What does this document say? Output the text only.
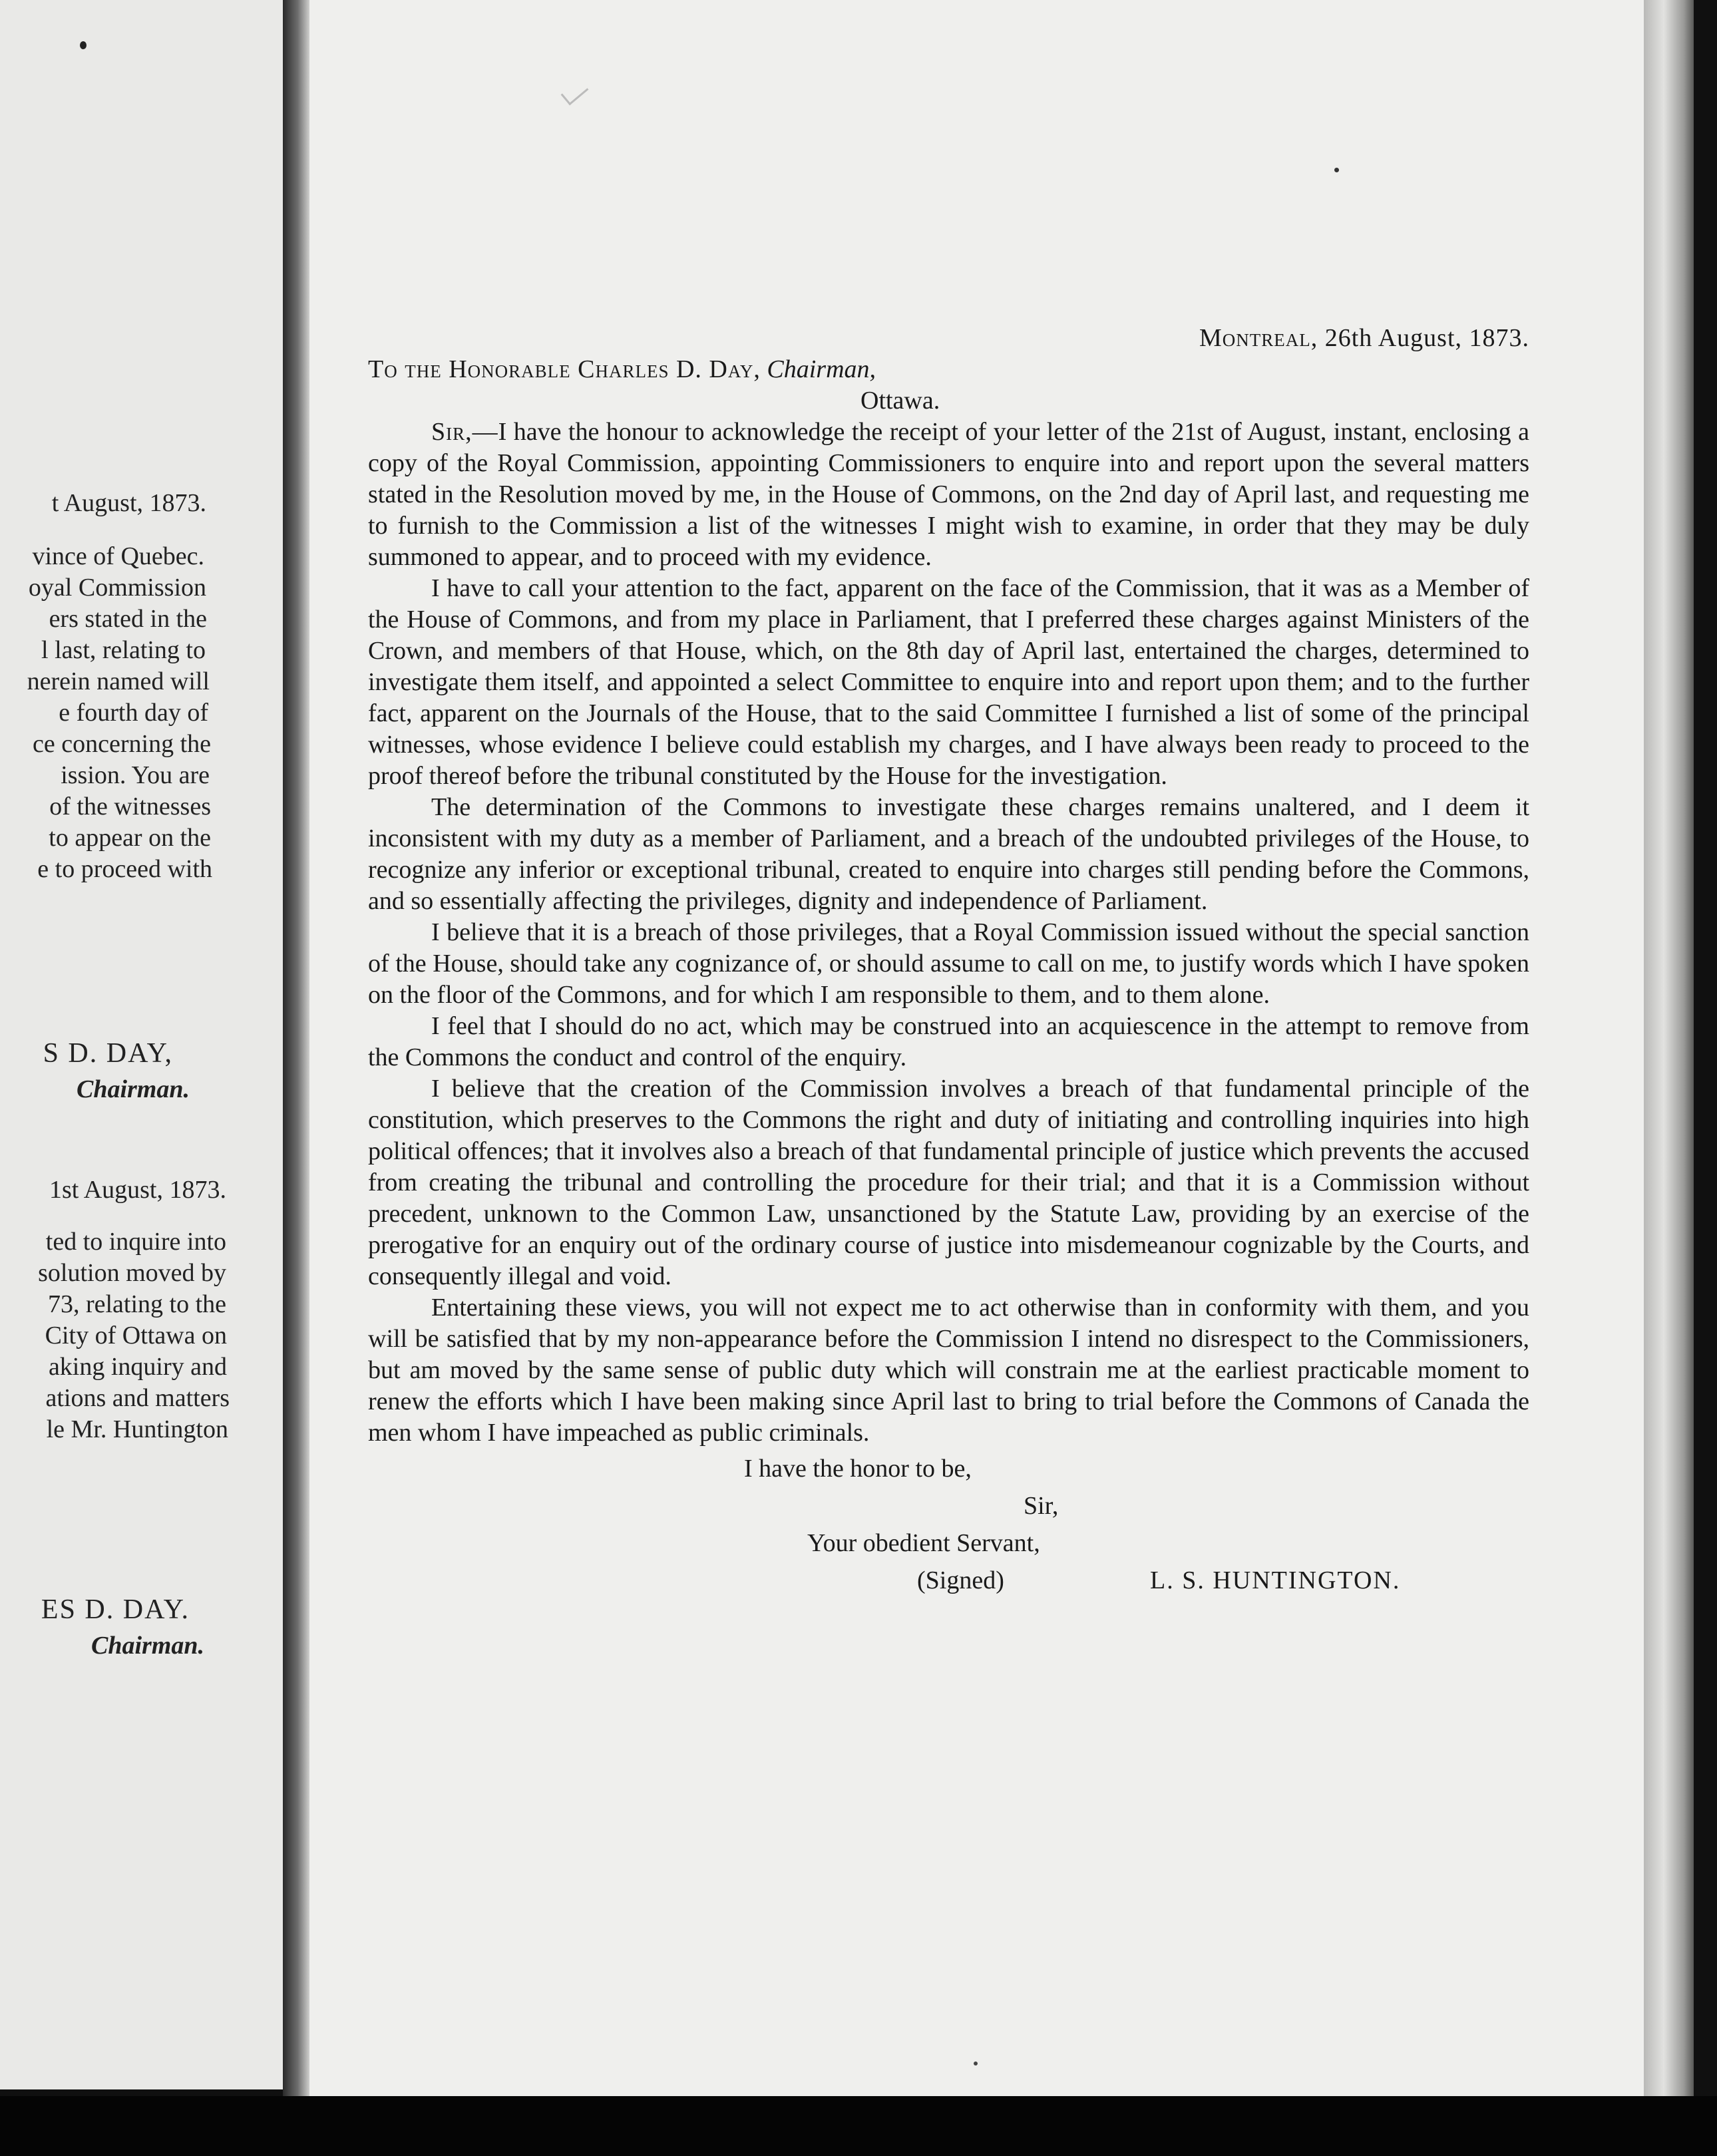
t August, 1873.
vince of Quebec.
oyal Commission
ers stated in the
l last, relating to
nerein named will
e fourth day of
ce concerning the
ission. You are
of the witnesses
to appear on the
e to proceed with
S D. DAY,
Chairman.
1st August, 1873.
ted to inquire into
solution moved by
73, relating to the
City of Ottawa on
aking inquiry and
ations and matters
le Mr. Huntington
ES D. DAY.
Chairman.
Montreal, 26th August, 1873.
To the Honorable Charles D. Day, Chairman,
Ottawa.

Sir,—I have the honour to acknowledge the receipt of your letter of the 21st of August, instant, enclosing a copy of the Royal Commission, appointing Commissioners to enquire into and report upon the several matters stated in the Resolution moved by me, in the House of Commons, on the 2nd day of April last, and requesting me to furnish to the Commission a list of the witnesses I might wish to examine, in order that they may be duly summoned to appear, and to proceed with my evidence.

I have to call your attention to the fact, apparent on the face of the Commission, that it was as a Member of the House of Commons, and from my place in Parliament, that I preferred these charges against Ministers of the Crown, and members of that House, which, on the 8th day of April last, entertained the charges, determined to investigate them itself, and appointed a select Committee to enquire into and report upon them; and to the further fact, apparent on the Journals of the House, that to the said Committee I furnished a list of some of the principal witnesses, whose evidence I believe could establish my charges, and I have always been ready to proceed to the proof thereof before the tribunal constituted by the House for the investigation.

The determination of the Commons to investigate these charges remains unaltered, and I deem it inconsistent with my duty as a member of Parliament, and a breach of the undoubted privileges of the House, to recognize any inferior or exceptional tribunal, created to enquire into charges still pending before the Commons, and so essentially affecting the privileges, dignity and independence of Parliament.

I believe that it is a breach of those privileges, that a Royal Commission issued without the special sanction of the House, should take any cognizance of, or should assume to call on me, to justify words which I have spoken on the floor of the Commons, and for which I am responsible to them, and to them alone.

I feel that I should do no act, which may be construed into an acquiescence in the attempt to remove from the Commons the conduct and control of the enquiry.

I believe that the creation of the Commission involves a breach of that fundamental principle of the constitution, which preserves to the Commons the right and duty of initiating and controlling inquiries into high political offences; that it involves also a breach of that fundamental principle of justice which prevents the accused from creating the tribunal and controlling the procedure for their trial; and that it is a Commission without precedent, unknown to the Common Law, unsanctioned by the Statute Law, providing by an exercise of the prerogative for an enquiry out of the ordinary course of justice into misdemeanour cognizable by the Courts, and consequently illegal and void.

Entertaining these views, you will not expect me to act otherwise than in conformity with them, and you will be satisfied that by my non-appearance before the Commission I intend no disrespect to the Commissioners, but am moved by the same sense of public duty which will constrain me at the earliest practicable moment to renew the efforts which I have been making since April last to bring to trial before the Commons of Canada the men whom I have impeached as public criminals.

I have the honor to be,
Sir,
Your obedient Servant,
(Signed)	L. S. HUNTINGTON.
